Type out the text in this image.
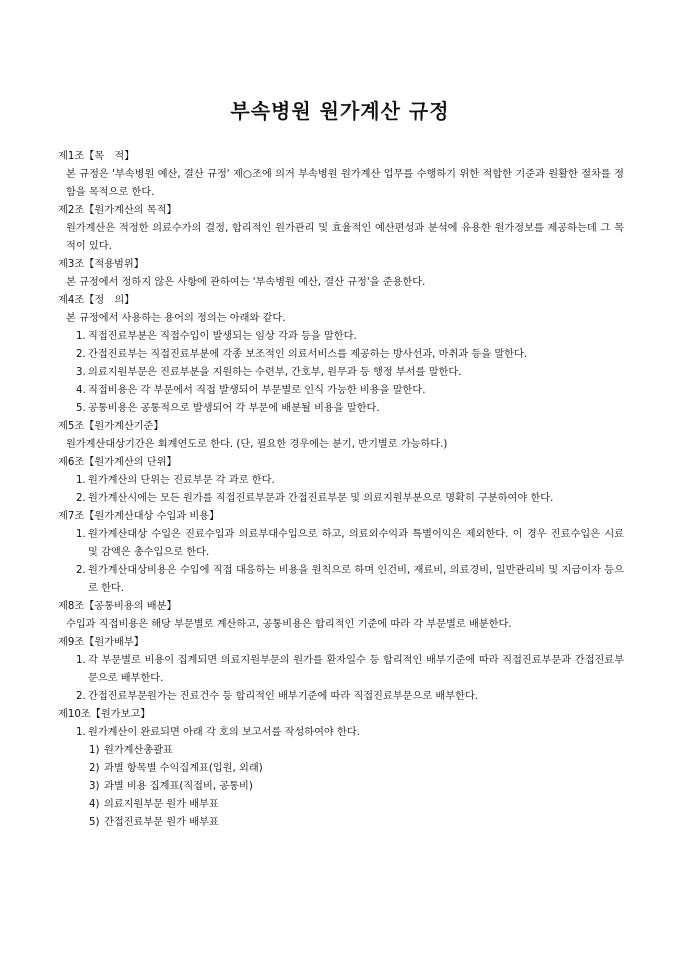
부속병원 원가계산 규정

제1조【목　적】

본 규정은 '부속병원 예산, 결산 규정' 제○조에 의거 부속병원 원가계산 업무를 수행하기 위한 적합한 기준과 원활한 절차를 정함을 목적으로 한다.

제2조【원가계산의 목적】

원가계산은 적정한 의료수가의 결정, 합리적인 원가관리 및 효율적인 예산편성과 분석에 유용한 원가정보를 제공하는데 그 목적이 있다.

제3조【적용범위】

본 규정에서 정하지 않은 사항에 관하여는 '부속병원 예산, 결산 규정'을 준용한다.

제4조【정　의】

본 규정에서 사용하는 용어의 정의는 아래와 같다.

1. 직접진료부분은 직접수입이 발생되는 임상 각과 등을 말한다.
2. 간접진료부는 직접진료부분에 각종 보조적인 의료서비스를 제공하는 방사선과, 마취과 등을 말한다.
3. 의료지원부문은 진료부분을 지원하는 수련부, 간호부, 원무과 등 행정 부서를 말한다.
4. 직접비용은 각 부문에서 직접 발생되어 부문별로 인식 가능한 비용을 말한다.
5. 공통비용은 공통적으로 발생되어 각 부문에 배분될 비용을 말한다.

제5조【원가계산기준】

원가계산대상기간은 회계연도로 한다. (단, 필요한 경우에는 분기, 반기별로 가능하다.)

제6조【원가계산의 단위】

1. 원가계산의 단위는 진료부문 각 과로 한다.
2. 원가계산시에는 모든 원가를 직접진료부문과 간접진료부문 및 의료지원부분으로 명확히 구분하여야 한다.

제7조【원가계산대상 수입과 비용】

1. 원가계산대상 수입은 진료수입과 의료부대수입으로 하고, 의료외수익과 특별이익은 제외한다. 이 경우 진료수입은 시료 및 감액은 총수입으로 한다.
2. 원가계산대상비용은 수입에 직접 대응하는 비용을 원칙으로 하며 인건비, 재료비, 의료경비, 일반관리비 및 지급이자 등으로 한다.

제8조【공통비용의 배분】

수입과 직접비용은 해당 부문별로 계산하고, 공통비용은 합리적인 기준에 따라 각 부문별로 배분한다.

제9조【원가배부】

1. 각 부문별로 비용이 집계되면 의료지원부문의 원가를 환자일수 등 합리적인 배부기준에 따라 직접진료부문과 간접진료부문으로 배부한다.
2. 간접진료부문원가는 진료건수 등 합리적인 배부기준에 따라 직접진료부문으로 배부한다.

제10조【원가보고】

1. 원가계산이 완료되면 아래 각 호의 보고서를 작성하여야 한다.
1) 원가계산총괄표
2) 과별 항목별 수익집계표(입원, 외래)
3) 과별 비용 집계표(직접비, 공통비)
4) 의료지원부문 원가 배부표
5) 간접진료부문 원가 배부표
